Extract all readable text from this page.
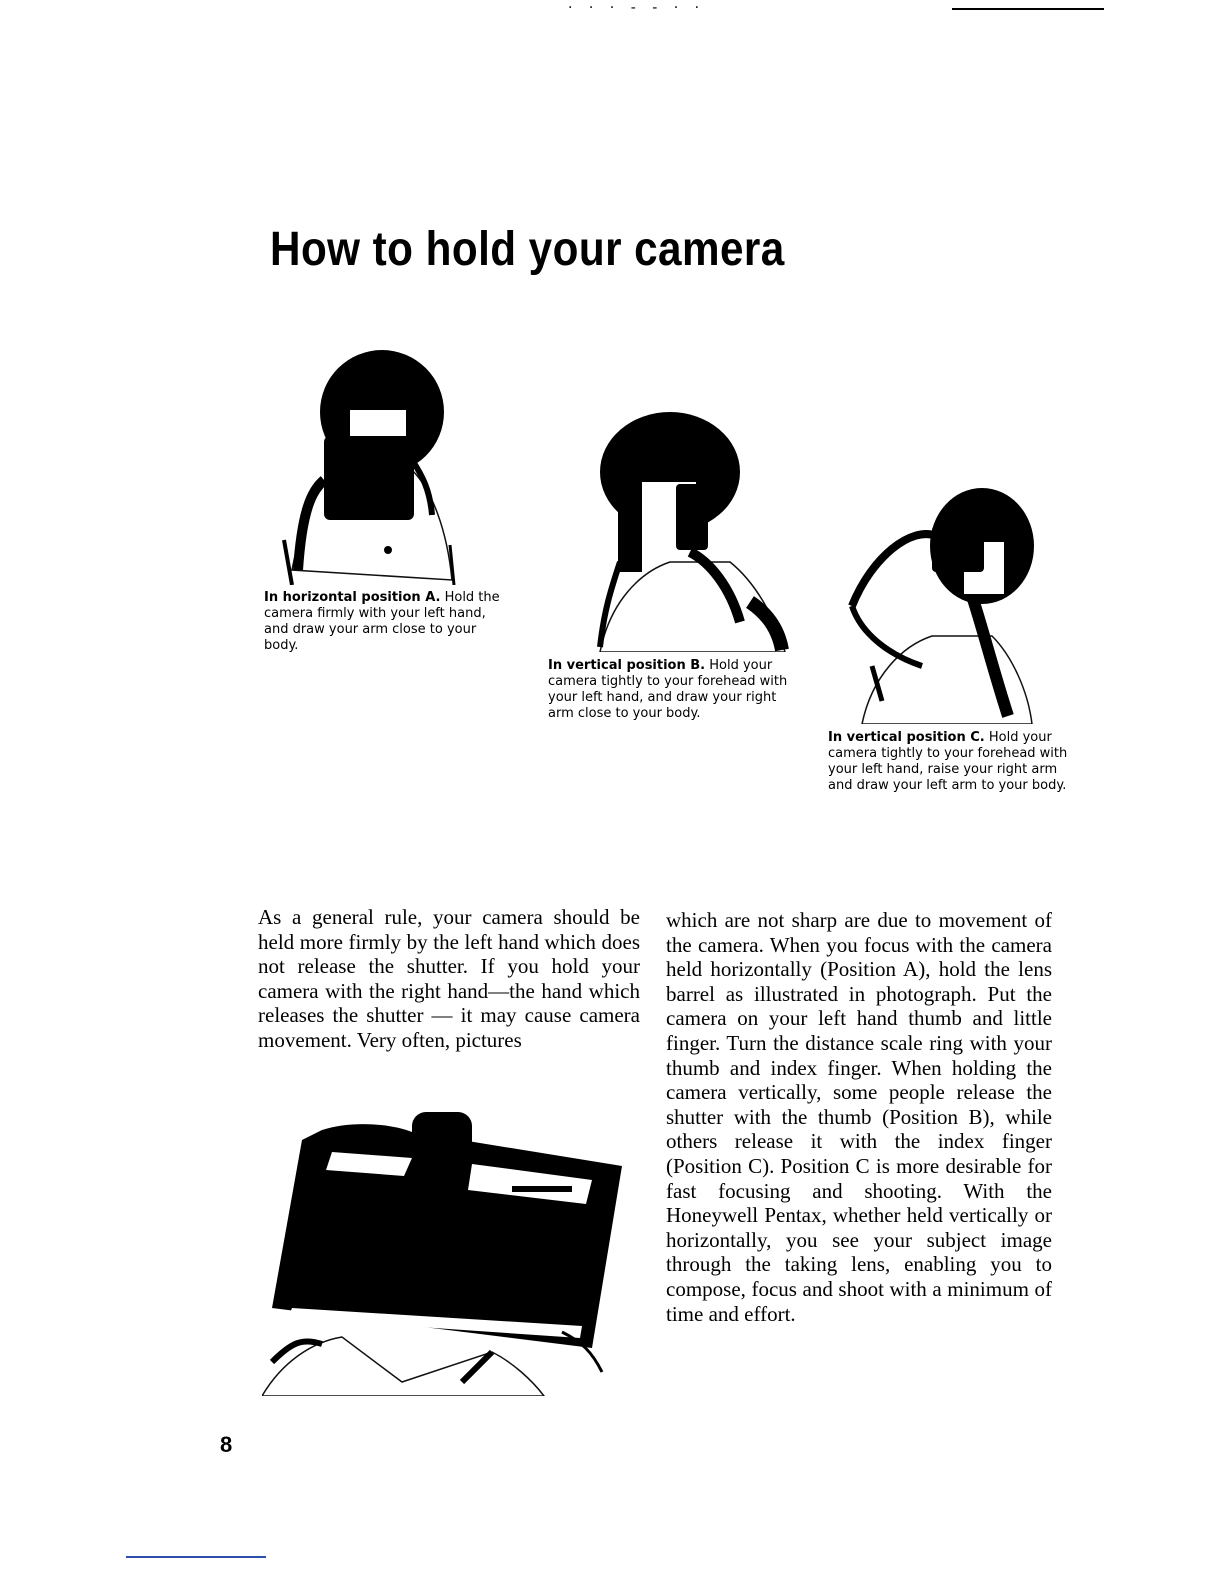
· · · - - · ·
How to hold your camera

In horizontal position A. Hold the camera firmly with your left hand, and draw your arm close to your body.

In vertical position B. Hold your camera tightly to your forehead with your left hand, and draw your right arm close to your body.

In vertical position C. Hold your camera tightly to your forehead with your left hand, raise your right arm and draw your left arm to your body.

As a general rule, your camera should be held more firmly by the left hand which does not release the shutter. If you hold your camera with the right hand—the hand which releases the shutter — it may cause camera movement. Very often, pictures

which are not sharp are due to movement of the camera. When you focus with the camera held horizontally (Position A), hold the lens barrel as illustrated in photograph. Put the camera on your left hand thumb and little finger. Turn the distance scale ring with your thumb and index finger. When holding the camera vertically, some people release the shutter with the thumb (Position B), while others release it with the index finger (Position C). Position C is more desirable for fast focusing and shooting. With the Honeywell Pentax, whether held vertically or horizontally, you see your subject image through the taking lens, enabling you to compose, focus and shoot with a minimum of time and effort.

8
